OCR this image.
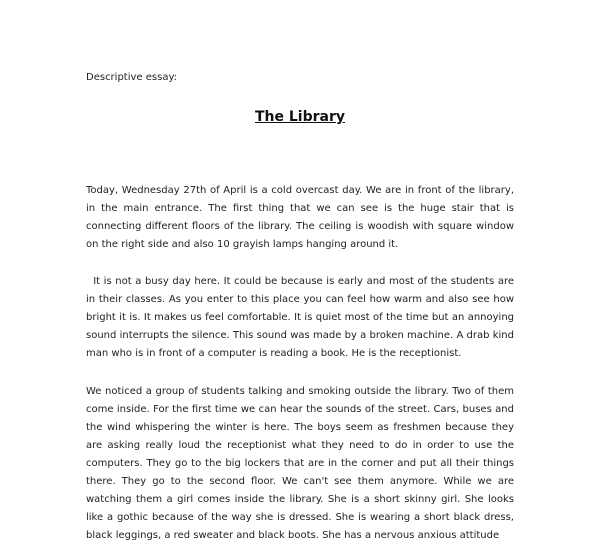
Descriptive essay:
The Library

Today, Wednesday 27th of April is a cold overcast day. We are in front of the library, in the main entrance. The first thing that we can see is the huge stair that is connecting different floors of the library. The ceiling is woodish with square window on the right side and also 10 grayish lamps hanging around it.

It is not a busy day here. It could be because is early and most of the students are in their classes. As you enter to this place you can feel how warm and also see how bright it is. It makes us feel comfortable. It is quiet most of the time but an annoying sound interrupts the silence. This sound was made by a broken machine. A drab kind man who is in front of a computer is reading a book. He is the receptionist.

We noticed a group of students talking and smoking outside the library. Two of them come inside. For the first time we can hear the sounds of the street. Cars, buses and the wind whispering the winter is here. The boys seem as freshmen because they are asking really loud the receptionist what they need to do in order to use the computers. They go to the big lockers that are in the corner and put all their things there. They go to the second floor. We can't see them anymore. While we are watching them a girl comes inside the library. She is a short skinny girl. She looks like a gothic because of the way she is dressed. She is wearing a short black dress, black leggings, a red sweater and black boots. She has a nervous anxious attitude
